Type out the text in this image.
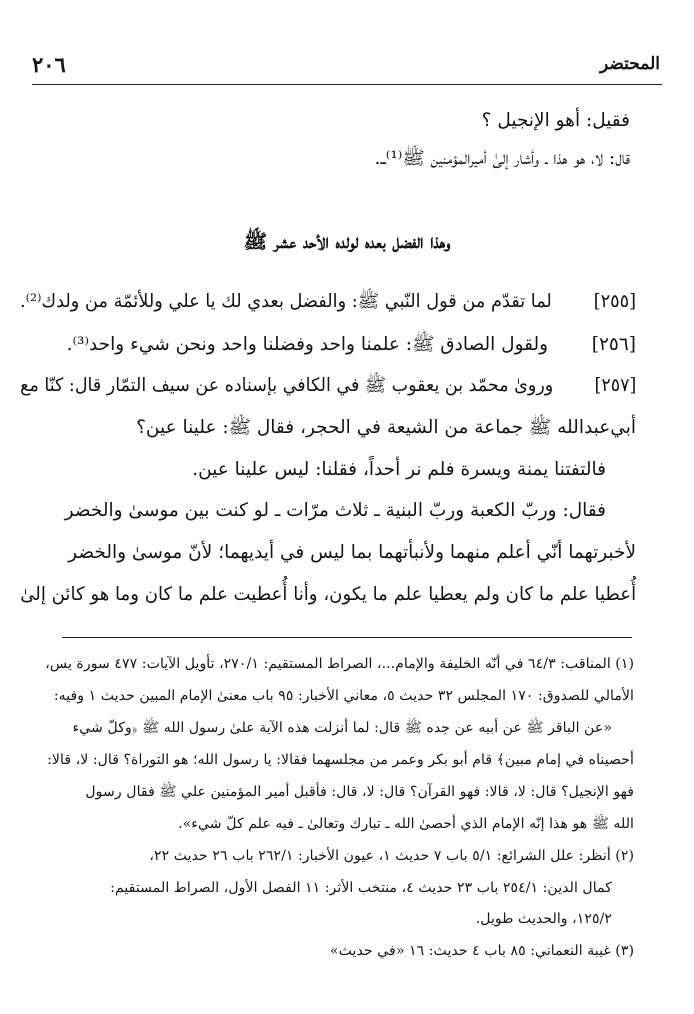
المحتضر
٢٠٦
فقيل: أهو الإنجيل ؟
قال: لا، هو هذا ـ وأشار إلىٰ أميرالمؤمنين ﷺ⁽¹⁾ـ.
وهذا الفضل بعده لولده الأحد عشر ﷺ
[٢٥٥] لما تقدّم من قول النّبي ﷺ: والفضل بعدي لك يا علي وللأئمّة من ولدك⁽²⁾.
[٢٥٦] ولقول الصادق ﷺ: علمنا واحد وفضلنا واحد ونحن شيء واحد⁽³⁾.
[٢٥٧] وروىٰ محمّد بن يعقوب ﷺ في الكافي بإسناده عن سيف التمّار قال: كنّا مع
أبي‌عبدالله ﷺ جماعة من الشيعة في الحجر، فقال ﷺ: علينا عين؟
فالتفتنا يمنة ويسرة فلم نر أحداً، فقلنا: ليس علينا عين.
فقال: وربّ الكعبة وربّ البنية ـ ثلاث مرّات ـ لو كنت بين موسىٰ والخضر
لأخبرتهما أنّي أعلم منهما ولأنبأتهما بما ليس في أيديهما؛ لأنّ موسىٰ والخضر
أُعطيا علم ما كان ولم يعطيا علم ما يكون، وأنا أُعطيت علم ما كان وما هو كائن إلىٰ
(١) المناقب: ٦٤/٣ في أنّه الخليفة والإمام...، الصراط المستقيم: ٢٧٠/١، تأويل الآيات: ٤٧٧ سورة يس،
الأمالي للصدوق: ١٧٠ المجلس ٣٢ حديث ٥، معاني الأخبار: ٩٥ باب معنىٰ الإمام المبين حديث ١ وفيه:
«عن الباقر ﷺ عن أبيه عن جده ﷺ قال: لما أنزلت هذه الآية علىٰ رسول الله ﷺ ﴿وكلّ شيء
أحصيناه في إمام مبين﴾ قام أبو بكر وعمر من مجلسهما فقالا: يا رسول الله؛ هو التوراة؟ قال: لا، قالا:
فهو الإنجيل؟ قال: لا، قالا: فهو القرآن؟ قال: لا، قال: فأقبل أمير المؤمنين علي ﷺ فقال رسول
الله ﷺ هو هذا إنّه الإمام الذي أحصىٰ الله ـ تبارك وتعالىٰ ـ فيه علم كلّ شيء».
(٢) أنظر: علل الشرائع: ٥/١ باب ٧ حديث ١، عيون الأخبار: ٢٦٢/١ باب ٢٦ حديث ٢٢،
كمال الدين: ٢٥٤/١ باب ٢٣ حديث ٤، منتخب الأثر: ١١ الفصل الأول، الصراط المستقيم:
١٢٥/٢، والحديث طويل.
(٣) غيبة النعماني: ٨٥ باب ٤ حديث: ١٦ «في حديث»
